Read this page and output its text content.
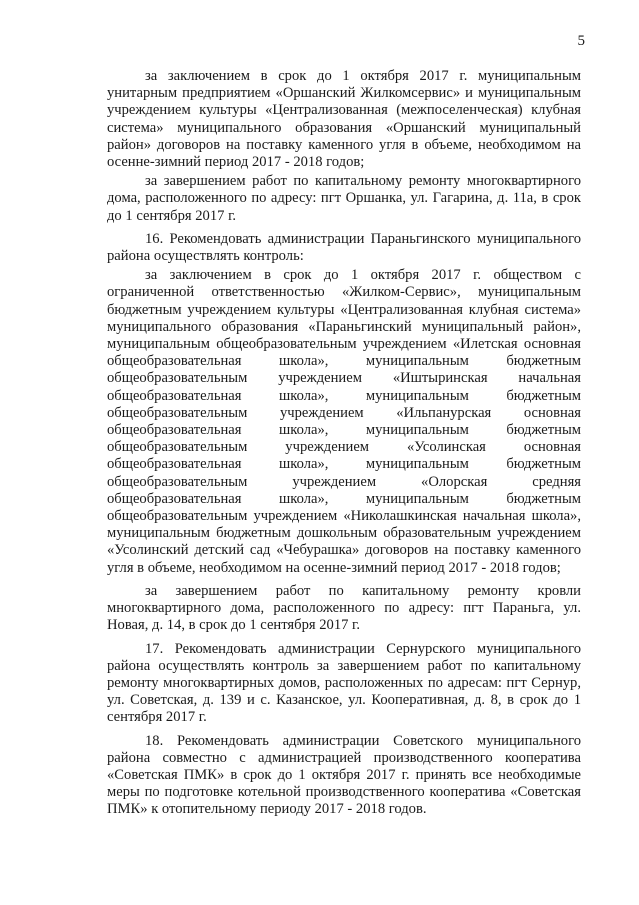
5

за заключением в срок до 1 октября 2017 г. муниципальным унитарным предприятием «Оршанский Жилкомсервис» и муниципальным учреждением культуры «Централизованная (межпоселенческая) клубная система» муниципального образования «Оршанский муниципальный район» договоров на поставку каменного угля в объеме, необходимом на осенне-зимний период 2017 - 2018 годов;

за завершением работ по капитальному ремонту многоквартирного дома, расположенного по адресу: пгт Оршанка, ул. Гагарина, д. 11а, в срок до 1 сентября 2017 г.

16. Рекомендовать администрации Параньгинского муниципального района осуществлять контроль:

за заключением в срок до 1 октября 2017 г. обществом с ограниченной ответственностью «Жилком-Сервис», муниципальным бюджетным учреждением культуры «Централизованная клубная система» муниципального образования «Параньгинский муниципальный район», муниципальным общеобразовательным учреждением «Илетская основная общеобразовательная школа», муниципальным бюджетным общеобразовательным учреждением «Иштыринская начальная общеобразовательная школа», муниципальным бюджетным общеобразовательным учреждением «Ильпанурская основная общеобразовательная школа», муниципальным бюджетным общеобразовательным учреждением «Усолинская основная общеобразовательная школа», муниципальным бюджетным общеобразовательным учреждением «Олорская средняя общеобразовательная школа», муниципальным бюджетным общеобразовательным учреждением «Николашкинская начальная школа», муниципальным бюджетным дошкольным образовательным учреждением «Усолинский детский сад «Чебурашка» договоров на поставку каменного угля в объеме, необходимом на осенне-зимний период 2017 - 2018 годов;

за завершением работ по капитальному ремонту кровли многоквартирного дома, расположенного по адресу: пгт Параньга, ул. Новая, д. 14, в срок до 1 сентября 2017 г.

17. Рекомендовать администрации Сернурского муниципального района осуществлять контроль за завершением работ по капитальному ремонту многоквартирных домов, расположенных по адресам: пгт Сернур, ул. Советская, д. 139 и с. Казанское, ул. Кооперативная, д. 8, в срок до 1 сентября 2017 г.

18. Рекомендовать администрации Советского муниципального района совместно с администрацией производственного кооператива «Советская ПМК» в срок до 1 октября 2017 г. принять все необходимые меры по подготовке котельной производственного кооператива «Советская ПМК» к отопительному периоду 2017 - 2018 годов.
